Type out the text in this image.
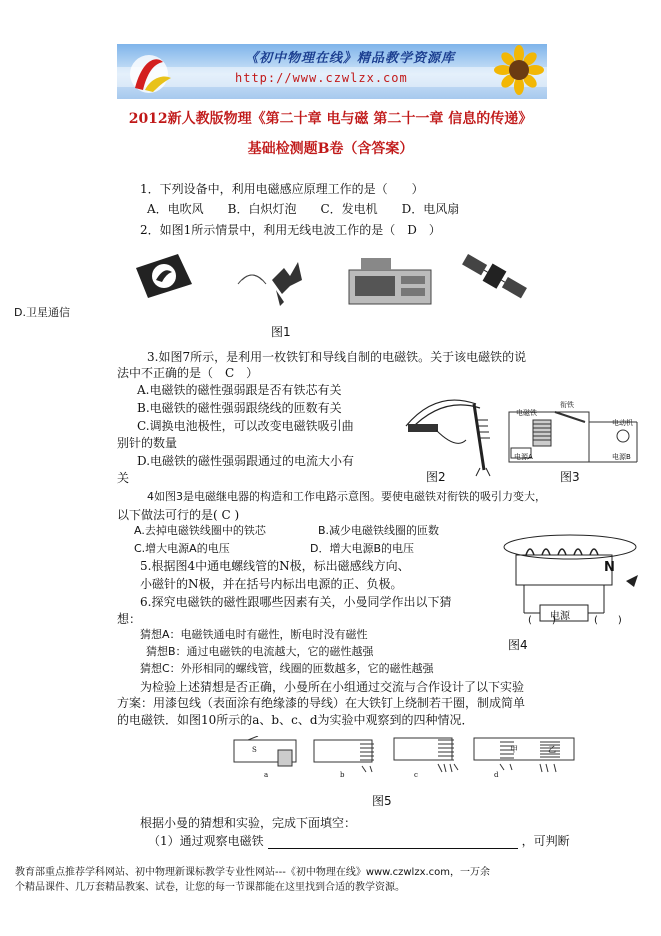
《初中物理在线》精品教学资源库
http://www.czwlzx.com
2012新人教版物理《第二十章 电与磁 第二十一章 信息的传递》
基础检测题B卷（含答案）
1．下列设备中，利用电磁感应原理工作的是（　　）
A．电吹风　　B．白炽灯泡　　C．发电机　　D．电风扇
2．如图1所示情景中，利用无线电波工作的是（　D　）
D.卫星通信
图1
3.如图7所示，是利用一枚铁钉和导线自制的电磁铁。关于该电磁铁的说
法中不正确的是（　C　）
A.电磁铁的磁性强弱跟是否有铁芯有关
B.电磁铁的磁性强弱跟绕线的匝数有关
C.调换电池极性，可以改变电磁铁吸引曲
别针的数量
D.电磁铁的磁性强弱跟通过的电流大小有
关	图2
电磁铁
衔铁
电动机
电源A	电源B
图3
4如图3是电磁继电器的构造和工作电路示意图。要使电磁铁对衔铁的吸引力变大，
以下做法可行的是( C )
A.去掉电磁铁线圈中的铁芯	B.减少电磁铁线圈的匝数
C.增大电源A的电压	D．增大电源B的电压
5.根据图4中通电螺线管的N极，标出磁感线方向、
小磁针的N极，并在括号内标出电源的正、负极。
N
电源
(　　)	(　　)
图4
6.探究电磁铁的磁性跟哪些因素有关，小曼同学作出以下猜
想：
猜想A：电磁铁通电时有磁性，断电时没有磁性
猜想B：通过电磁铁的电流越大，它的磁性越强
猜想C：外形相同的螺线管，线圈的匝数越多，它的磁性越强
为检验上述猜想是否正确，小曼所在小组通过交流与合作设计了以下实验
方案：用漆包线（表面涂有绝缘漆的导线）在大铁钉上绕制若干圈，制成简单
的电磁铁．如图10所示的a、b、c、d为实验中观察到的四种情况．
a	b	c	d
S	甲	乙
图5
根据小曼的猜想和实验，完成下面填空：
（1）通过观察电磁铁	，可判断
教育部重点推荐学科网站、初中物理新课标教学专业性网站---《初中物理在线》www.czwlzx.com，一万余
个精品课件、几万套精品教案、试卷，让您的每一节课都能在这里找到合适的教学资源。
